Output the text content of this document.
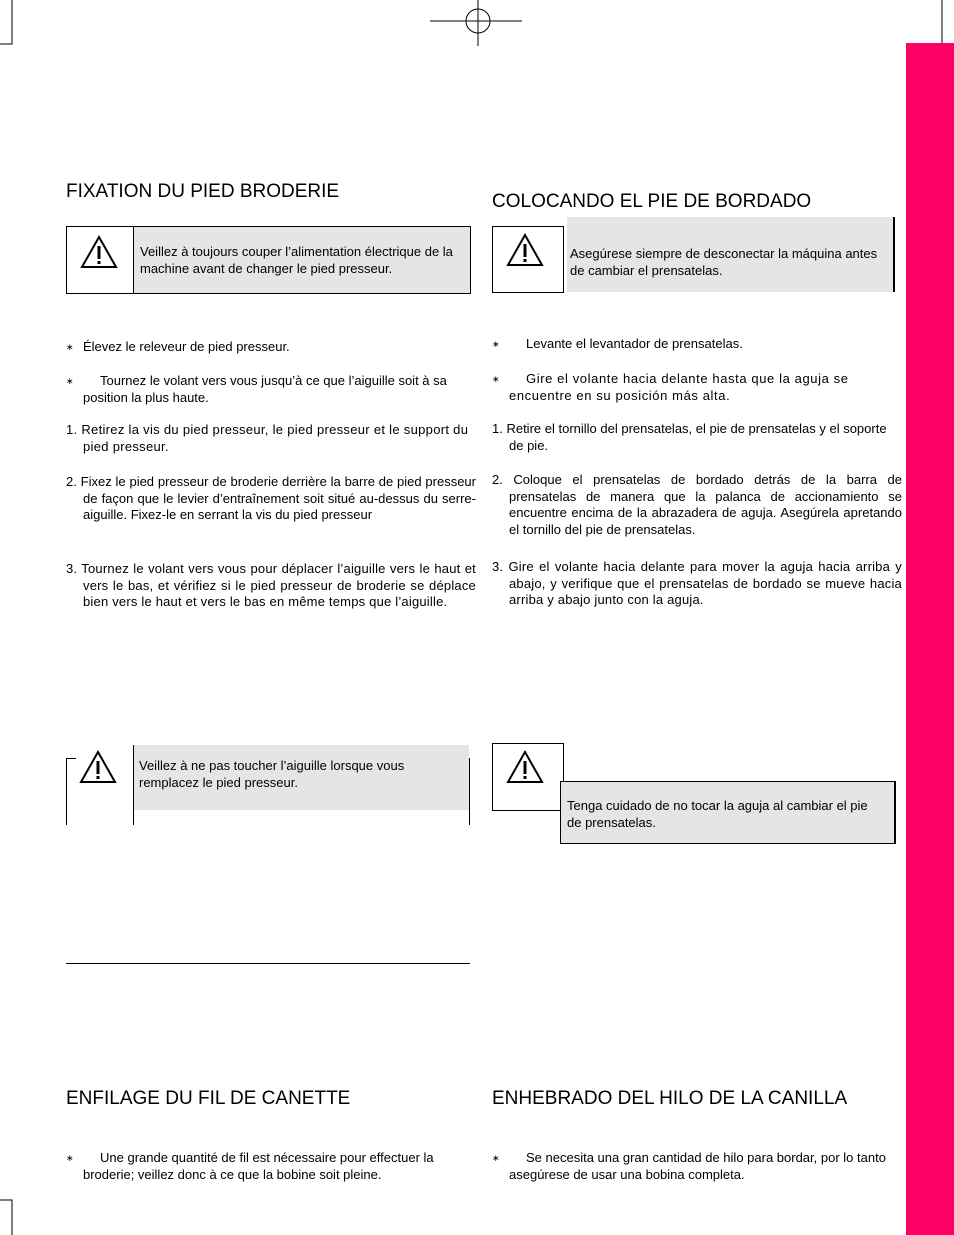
FIXATION DU PIED BRODERIE
Veillez à toujours couper l’alimentation électrique de la machine avant de changer le pied presseur.

∗ Élevez le releveur de pied presseur.

∗ Tournez le volant vers vous jusqu’à ce que l’aiguille soit à sa position la plus haute.

1. Retirez la vis du pied presseur, le pied presseur et le support du pied presseur.

2. Fixez le pied presseur de broderie derrière la barre de pied presseur de façon que le levier d’entraînement soit situé au-dessus du serre-aiguille. Fixez-le en serrant la vis du pied presseur

3. Tournez le volant vers vous pour déplacer l’aiguille vers le haut et vers le bas, et vérifiez si le pied presseur de broderie se déplace bien vers le haut et vers le bas en même temps que l’aiguille.

Veillez à ne pas toucher l’aiguille lorsque vous remplacez le pied presseur.
ENFILAGE DU FIL DE CANETTE

∗ Une grande quantité de fil est nécessaire pour effectuer la broderie; veillez donc à ce que la bobine soit pleine.

COLOCANDO EL PIE DE BORDADO
Asegúrese siempre de desconectar la máquina antes de cambiar el prensatelas.

∗ Levante el levantador de prensatelas.

∗ Gire el volante hacia delante hasta que la aguja se encuentre en su posición más alta.

1. Retire el tornillo del prensatelas, el pie de prensatelas y el soporte de pie.

2. Coloque el prensatelas de bordado detrás de la barra de prensatelas de manera que la palanca de accionamiento se encuentre encima de la abrazadera de aguja. Asegúrela apretando el tornillo del pie de prensatelas.

3. Gire el volante hacia delante para mover la aguja hacia arriba y abajo, y verifique que el prensatelas de bordado se mueve hacia arriba y abajo junto con la aguja.

Tenga cuidado de no tocar la aguja al cambiar el pie de prensatelas.
ENHEBRADO DEL HILO DE LA CANILLA

∗ Se necesita una gran cantidad de hilo para bordar, por lo tanto asegúrese de usar una bobina completa.
